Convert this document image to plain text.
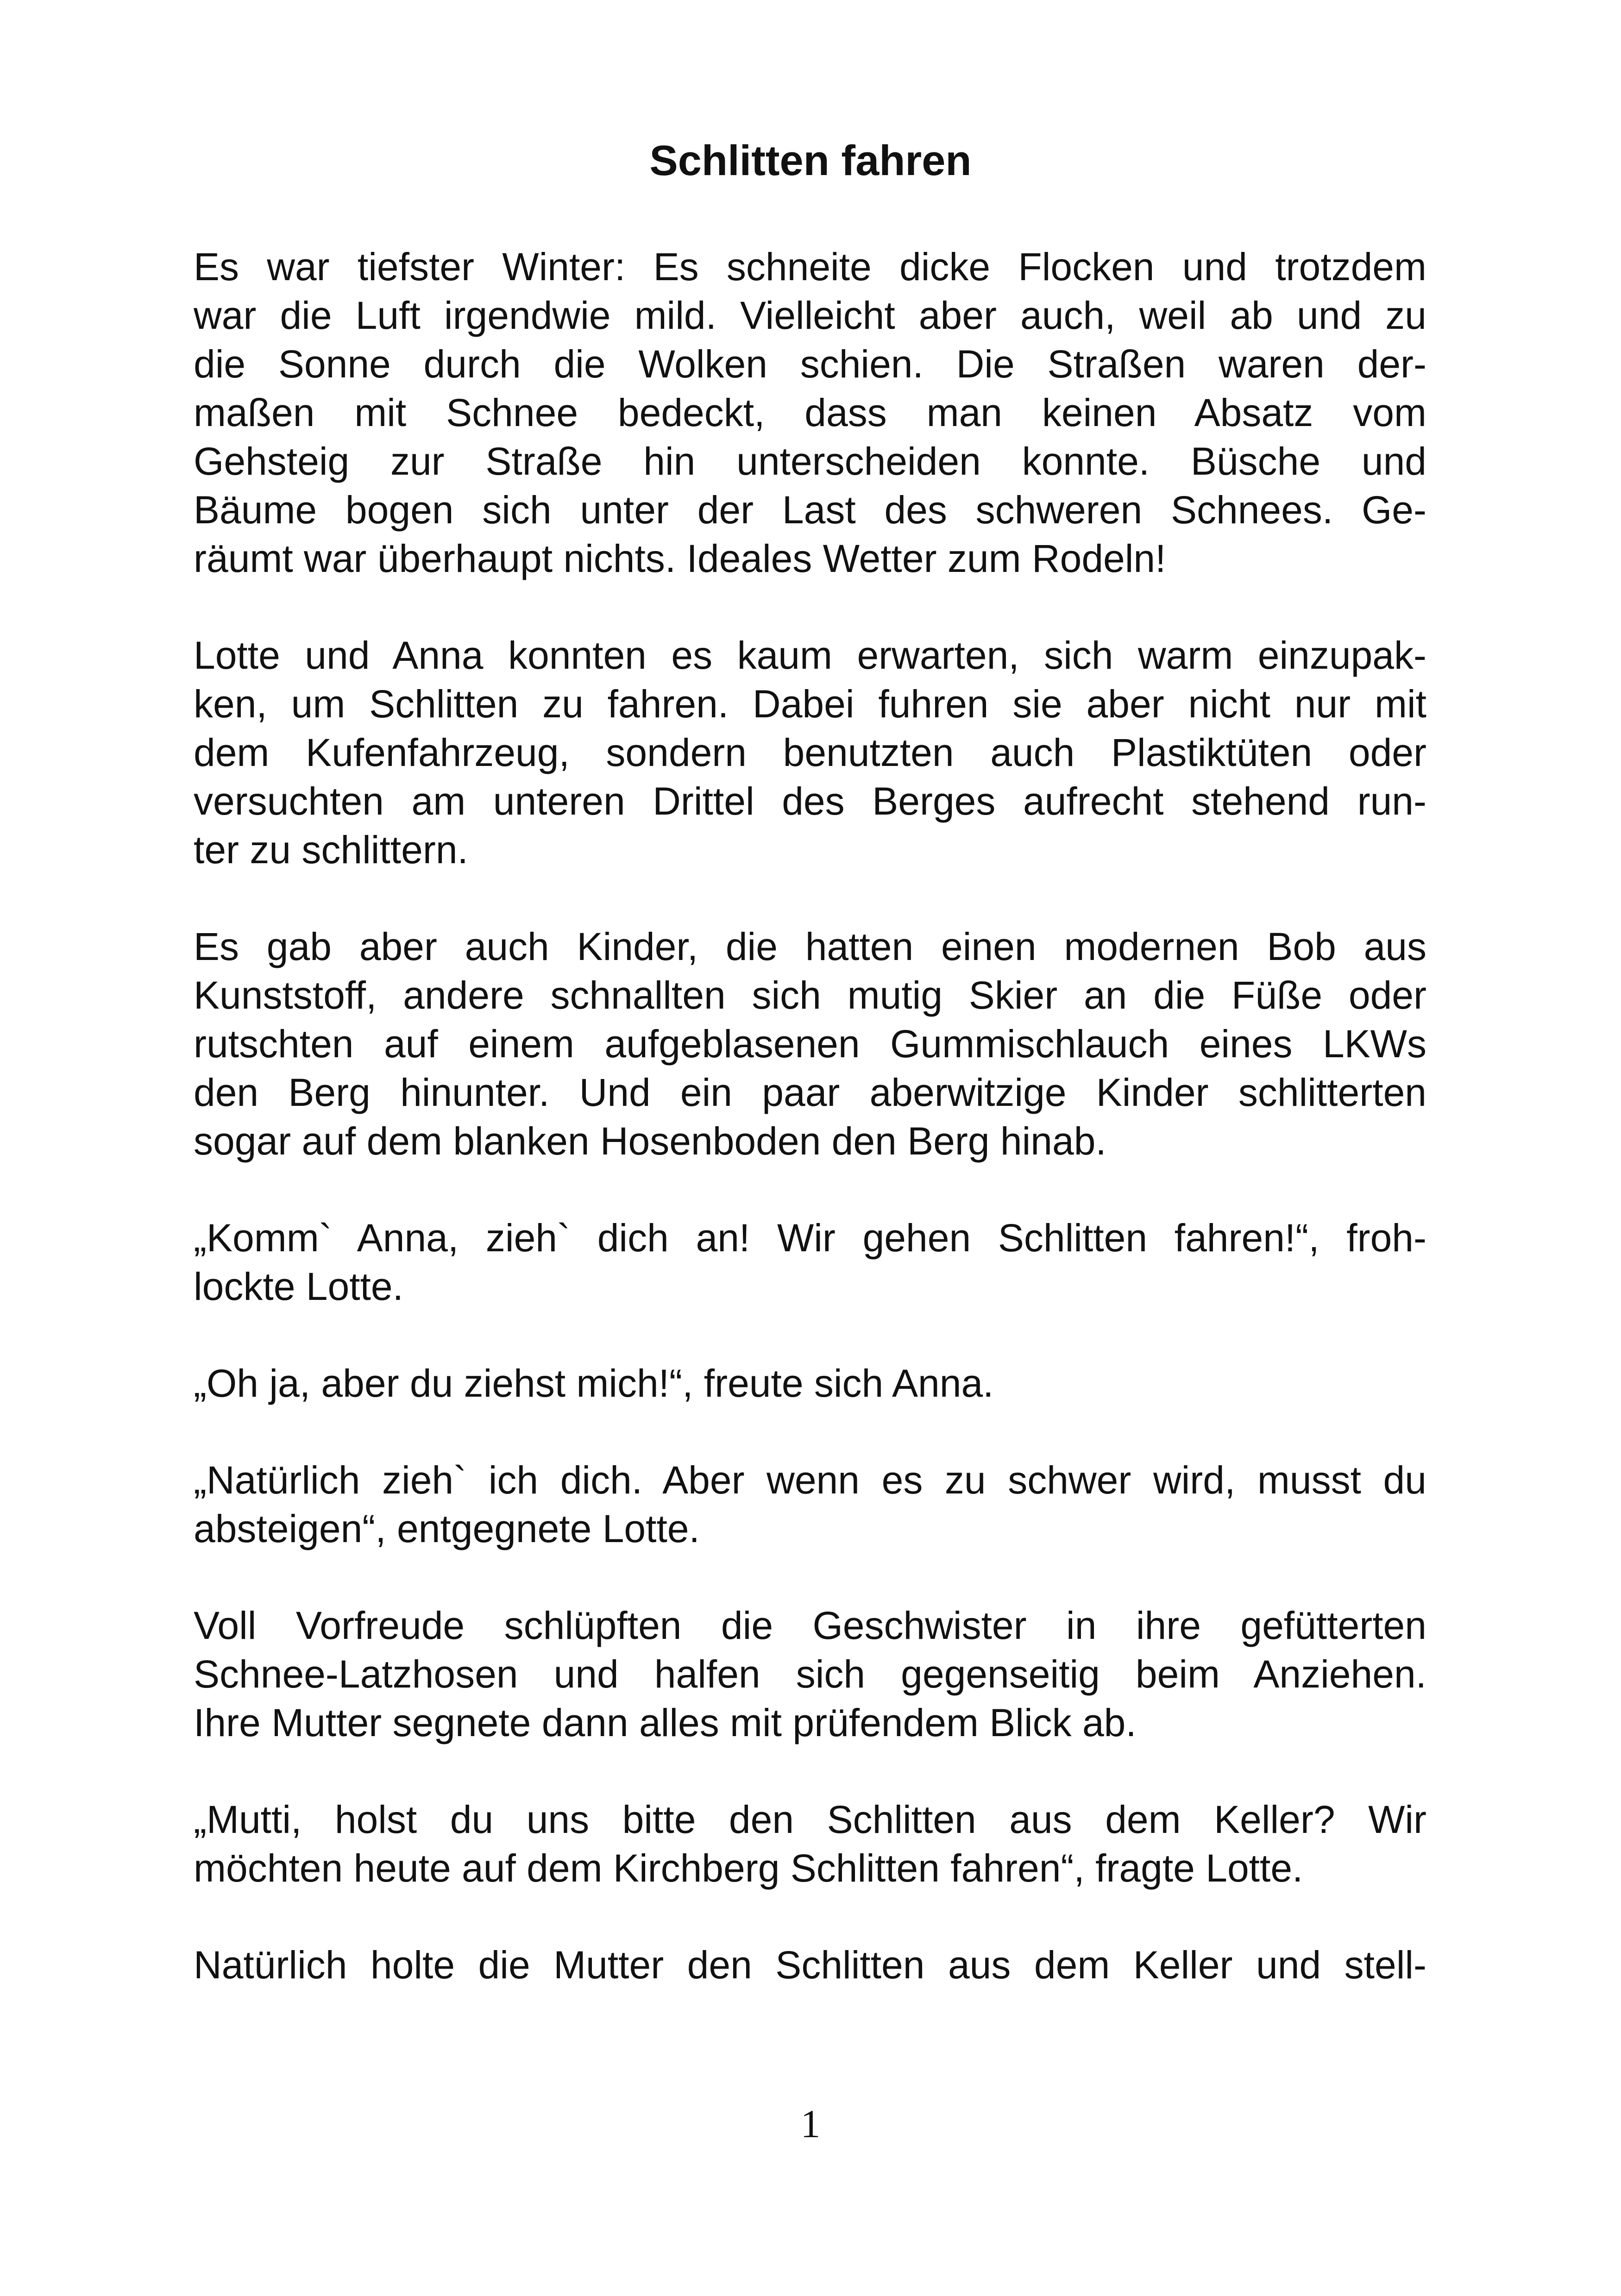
Schlitten fahren
Es war tiefster Winter: Es schneite dicke Flocken und trotzdem
war die Luft irgendwie mild. Vielleicht aber auch, weil ab und zu
die Sonne durch die Wolken schien. Die Straßen waren der-
maßen mit Schnee bedeckt, dass man keinen Absatz vom
Gehsteig zur Straße hin unterscheiden konnte. Büsche und
Bäume bogen sich unter der Last des schweren Schnees. Ge-
räumt war überhaupt nichts. Ideales Wetter zum Rodeln!
Lotte und Anna konnten es kaum erwarten, sich warm einzupak-
ken, um Schlitten zu fahren. Dabei fuhren sie aber nicht nur mit
dem Kufenfahrzeug, sondern benutzten auch Plastiktüten oder
versuchten am unteren Drittel des Berges aufrecht stehend run-
ter zu schlittern.
Es gab aber auch Kinder, die hatten einen modernen Bob aus
Kunststoff, andere schnallten sich mutig Skier an die Füße oder
rutschten auf einem aufgeblasenen Gummischlauch eines LKWs
den Berg hinunter. Und ein paar aberwitzige Kinder schlitterten
sogar auf dem blanken Hosenboden den Berg hinab.
„Komm` Anna, zieh` dich an! Wir gehen Schlitten fahren!“, froh-
lockte Lotte.
„Oh ja, aber du ziehst mich!“, freute sich Anna.
„Natürlich zieh` ich dich. Aber wenn es zu schwer wird, musst du
absteigen“, entgegnete Lotte.
Voll Vorfreude schlüpften die Geschwister in ihre gefütterten
Schnee-Latzhosen und halfen sich gegenseitig beim Anziehen.
Ihre Mutter segnete dann alles mit prüfendem Blick ab.
„Mutti, holst du uns bitte den Schlitten aus dem Keller? Wir
möchten heute auf dem Kirchberg Schlitten fahren“, fragte Lotte.
Natürlich holte die Mutter den Schlitten aus dem Keller und stell-
1
